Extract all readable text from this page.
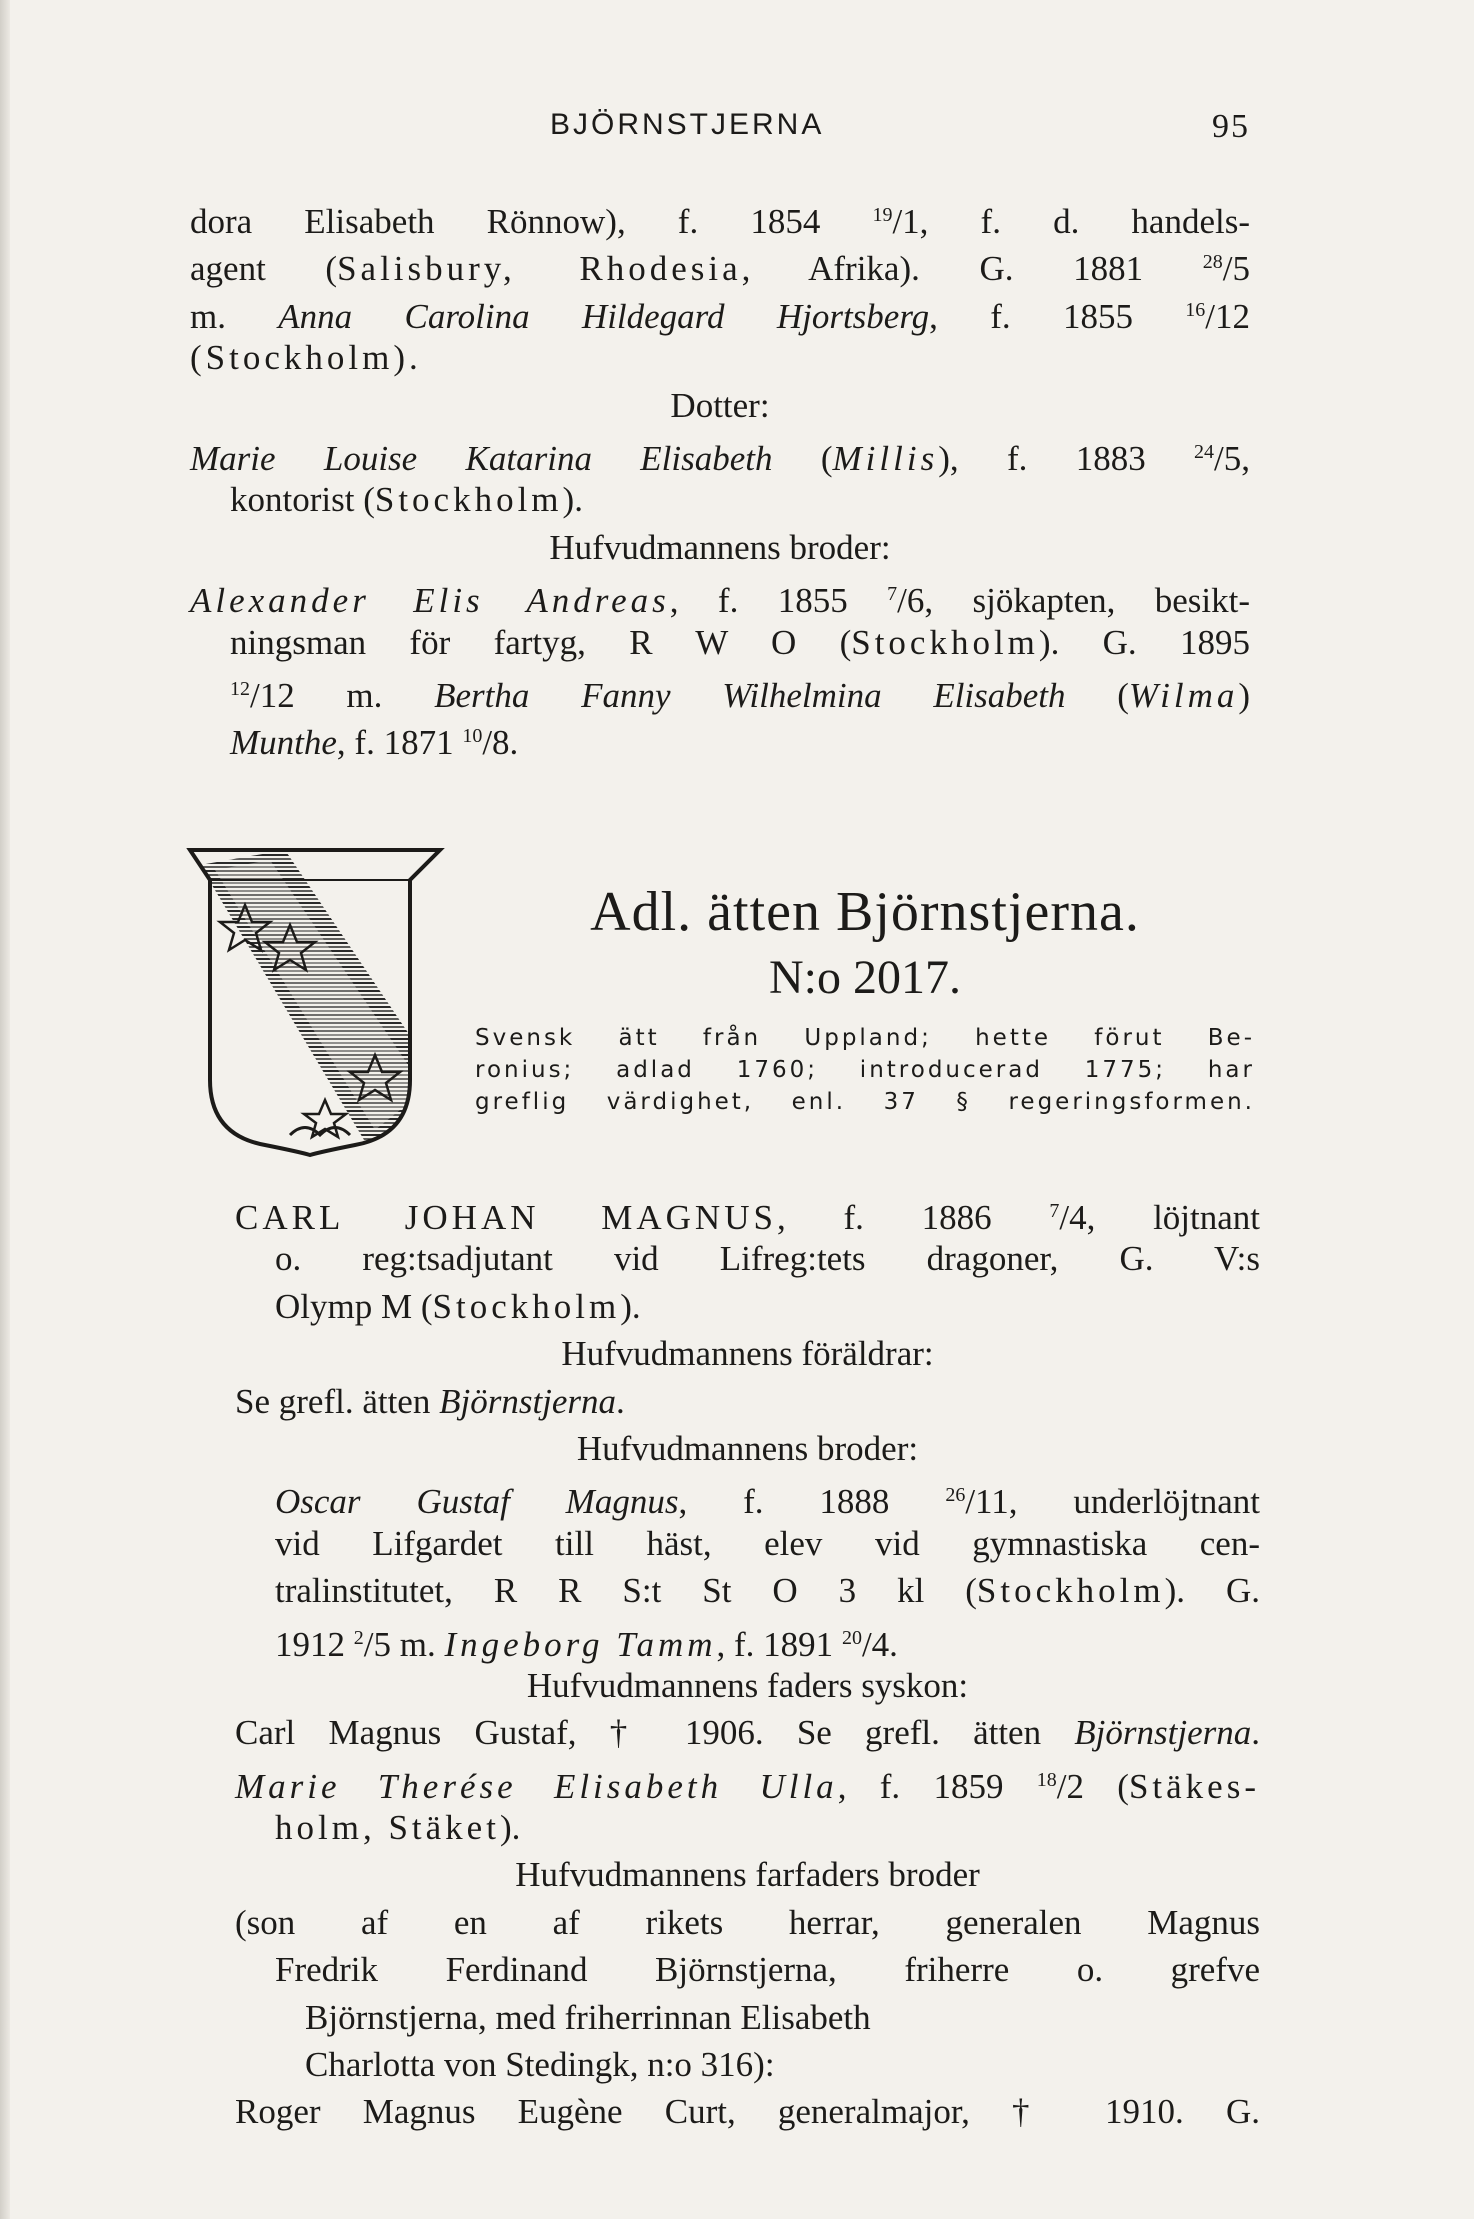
BJÖRNSTJERNA	95
dora Elisabeth Rönnow), f. 1854 $^{19}$/1, f. d. handels-
agent (Salisbury, Rhodesia, Afrika). G. 1881 $^{28}$/5
m. Anna Carolina Hildegard Hjortsberg, f. 1855 $^{16}$/12
(Stockholm).
Dotter:
Marie Louise Katarina Elisabeth (Millis), f. 1883 $^{24}$/5,
kontorist (Stockholm).
Hufvudmannens broder:
Alexander Elis Andreas, f. 1855 $^7$/6, sjökapten, besikt-
ningsman för fartyg, R W O (Stockholm). G. 1895
$^{12}$/12 m. Bertha Fanny Wilhelmina Elisabeth (Wilma)
Munthe, f. 1871 $^{10}$/8.
Adl. ätten Björnstjerna.
N:o 2017.
Svensk ätt från Uppland; hette förut Be-
ronius; adlad 1760; introducerad 1775; har
greflig värdighet, enl. 37 § regeringsformen.
CARL JOHAN MAGNUS, f. 1886 $^7$/4, löjtnant
o. reg:tsadjutant vid Lifreg:tets dragoner, G. V:s
Olymp M (Stockholm).
Hufvudmannens föräldrar:
Se grefl. ätten Björnstjerna.
Hufvudmannens broder:
Oscar Gustaf Magnus, f. 1888 $^{26}$/11, underlöjtnant
vid Lifgardet till häst, elev vid gymnastiska cen-
tralinstitutet, R R S:t St O 3 kl (Stockholm). G.
1912 $^2$/5 m. Ingeborg Tamm, f. 1891 $^{20}$/4.
Hufvudmannens faders syskon:
Carl Magnus Gustaf, † 1906. Se grefl. ätten Björnstjerna.
Marie Therése Elisabeth Ulla, f. 1859 $^{18}$/2 (Stäkes-
holm, Stäket).
Hufvudmannens farfaders broder
(son af en af rikets herrar, generalen Magnus
Fredrik Ferdinand Björnstjerna, friherre o. grefve
Björnstjerna, med friherrinnan Elisabeth
Charlotta von Stedingk, n:o 316):
Roger Magnus Eugène Curt, generalmajor, † 1910. G.
